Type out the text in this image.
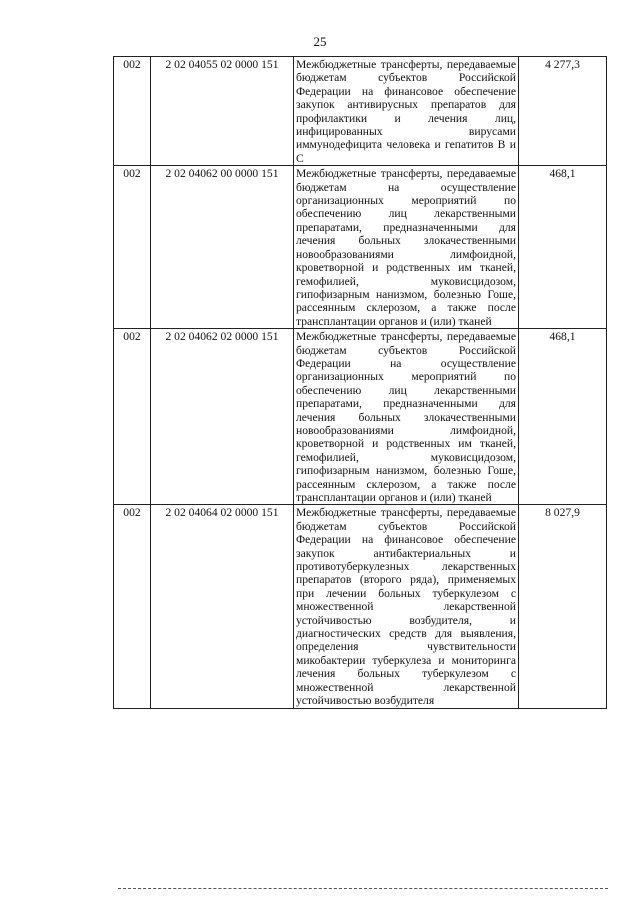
25
002	2 02 04055 02 0000 151	Межбюджетные трансферты, передаваемые бюджетам субъектов Российской Федерации на финансовое обеспечение закупок антивирусных препаратов для профилактики и лечения лиц, инфицированных вирусами иммунодефицита человека и гепатитов В и С	4 277,3
002	2 02 04062 00 0000 151	Межбюджетные трансферты, передаваемые бюджетам на осуществление организационных мероприятий по обеспечению лиц лекарственными препаратами, предназначенными для лечения больных злокачественными новообразованиями лимфоидной, кроветворной и родственных им тканей, гемофилией, муковисцидозом, гипофизарным нанизмом, болезнью Гоше, рассеянным склерозом, а также после трансплантации органов и (или) тканей	468,1
002	2 02 04062 02 0000 151	Межбюджетные трансферты, передаваемые бюджетам субъектов Российской Федерации на осуществление организационных мероприятий по обеспечению лиц лекарственными препаратами, предназначенными для лечения больных злокачественными новообразованиями лимфоидной, кроветворной и родственных им тканей, гемофилией, муковисцидозом, гипофизарным нанизмом, болезнью Гоше, рассеянным склерозом, а также после трансплантации органов и (или) тканей	468,1
002	2 02 04064 02 0000 151	Межбюджетные трансферты, передаваемые бюджетам субъектов Российской Федерации на финансовое обеспечение закупок антибактериальных и противотуберкулезных лекарственных препаратов (второго ряда), применяемых при лечении больных туберкулезом с множественной лекарственной устойчивостью возбудителя, и диагностических средств для выявления, определения чувствительности микобактерии туберкулеза и мониторинга лечения больных туберкулезом с множественной лекарственной устойчивостью возбудителя	8 027,9
